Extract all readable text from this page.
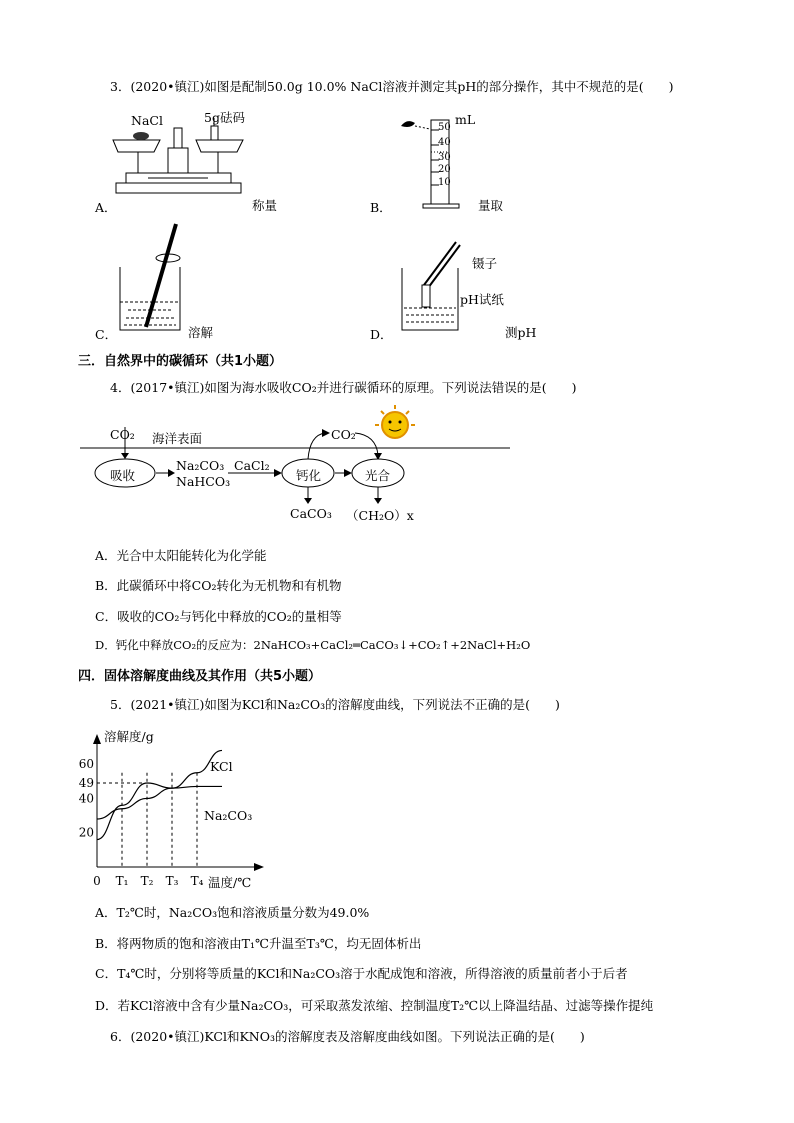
3．(2020•镇江)如图是配制50.0g 10.0% NaCl溶液并测定其pH的部分操作，其中不规范的是(　　)
A．
NaCl	5g砝码
称量	B．
mL
50
40
30
20
10
量取
C．	溶解	D．
镊子
pH试纸
测pH
三．自然界中的碳循环（共1小题）
4．(2017•镇江)如图为海水吸收CO₂并进行碳循环的原理。下列说法错误的是(　　)
CO₂ 海洋表面
吸收
Na₂CO₃
NaHCO₃
CaCl₂
钙化
CO₂
光合
CaCO₃ （CH₂O）x
A．光合中太阳能转化为化学能
B．此碳循环中将CO₂转化为无机物和有机物
C．吸收的CO₂与钙化中释放的CO₂的量相等
D．钙化中释放CO₂的反应为：2NaHCO₃+CaCl₂═CaCO₃↓+CO₂↑+2NaCl+H₂O
四．固体溶解度曲线及其作用（共5小题）
5．(2021•镇江)如图为KCl和Na₂CO₃的溶解度曲线，下列说法不正确的是(　　)
溶解度/g
温度/℃
KCl
Na₂CO₃
20
40
49
60
0 T₁ T₂ T₃ T₄
A．T₂℃时，Na₂CO₃饱和溶液质量分数为49.0%
B．将两物质的饱和溶液由T₁℃升温至T₃℃，均无固体析出
C．T₄℃时，分别将等质量的KCl和Na₂CO₃溶于水配成饱和溶液，所得溶液的质量前者小于后者
D．若KCl溶液中含有少量Na₂CO₃，可采取蒸发浓缩、控制温度T₂℃以上降温结晶、过滤等操作提纯
6．(2020•镇江)KCl和KNO₃的溶解度表及溶解度曲线如图。下列说法正确的是(　　)
